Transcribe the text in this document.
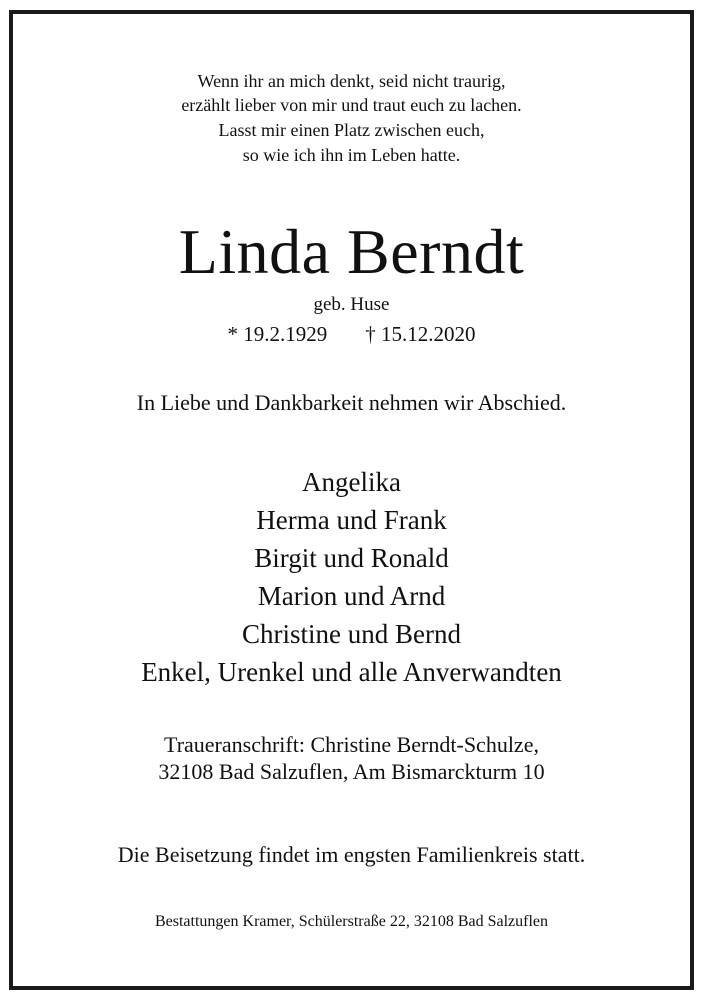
Wenn ihr an mich denkt, seid nicht traurig,
erzählt lieber von mir und traut euch zu lachen.
Lasst mir einen Platz zwischen euch,
so wie ich ihn im Leben hatte.
Linda Berndt
geb. Huse
* 19.2.1929 † 15.12.2020
In Liebe und Dankbarkeit nehmen wir Abschied.
Angelika
Herma und Frank
Birgit und Ronald
Marion und Arnd
Christine und Bernd
Enkel, Urenkel und alle Anverwandten
Traueranschrift: Christine Berndt-Schulze,
32108 Bad Salzuflen, Am Bismarckturm 10
Die Beisetzung findet im engsten Familienkreis statt.
Bestattungen Kramer, Schülerstraße 22, 32108 Bad Salzuflen
